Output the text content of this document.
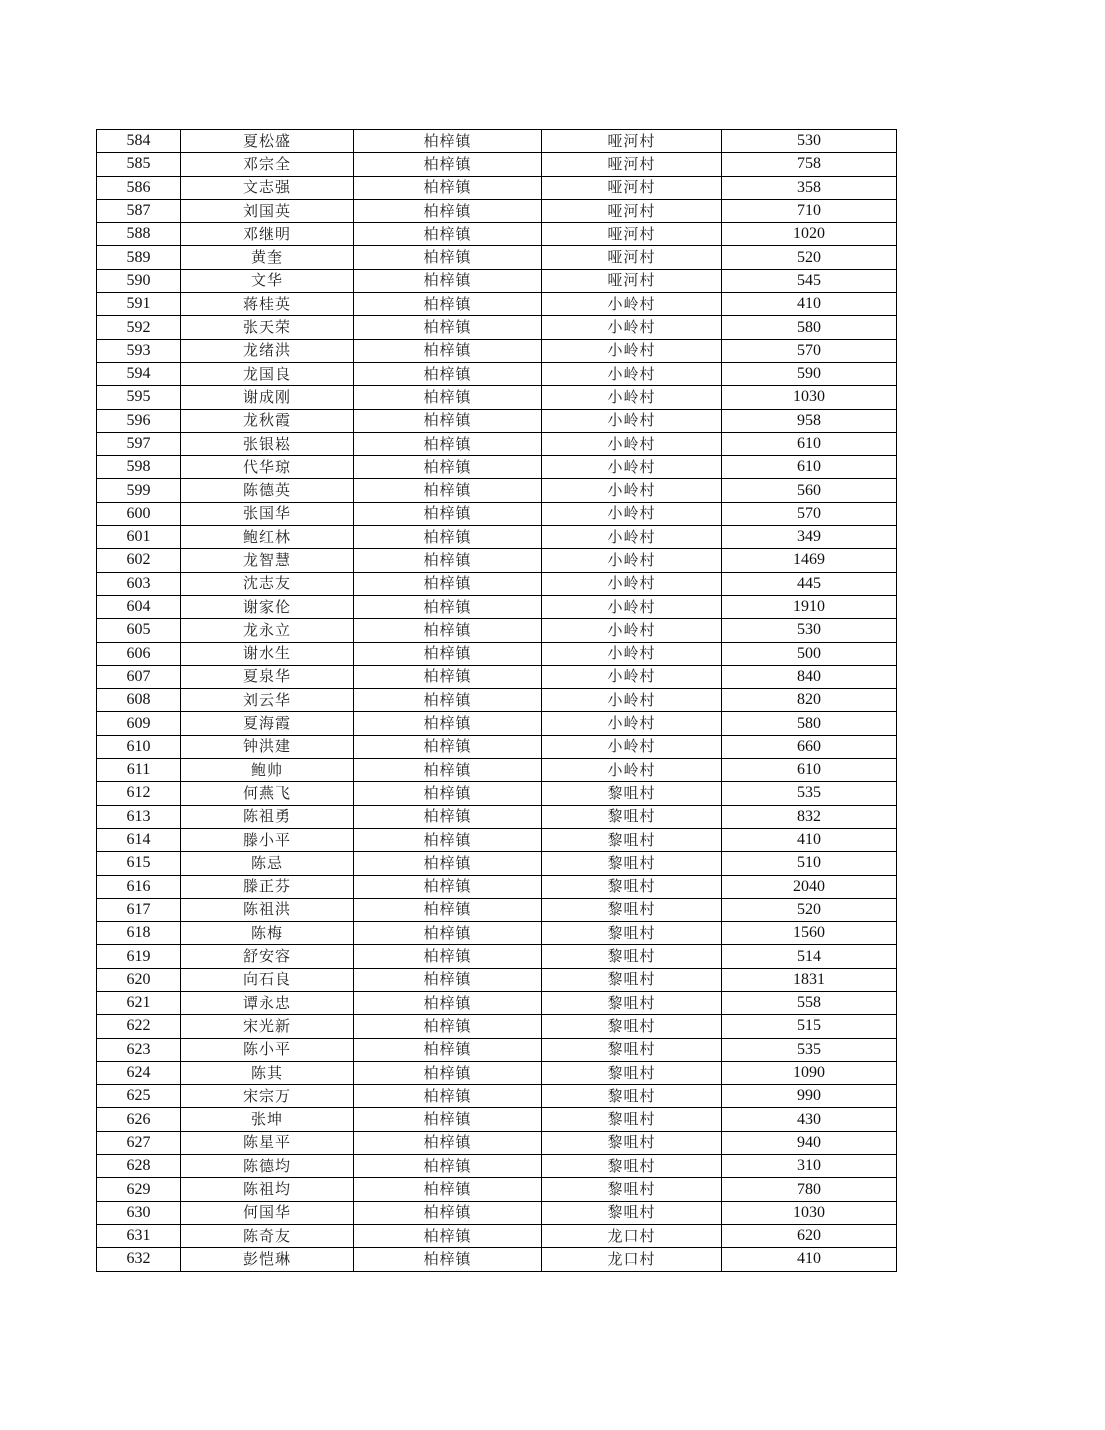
584	夏松盛	柏梓镇	哑河村	530
585	邓宗全	柏梓镇	哑河村	758
586	文志强	柏梓镇	哑河村	358
587	刘国英	柏梓镇	哑河村	710
588	邓继明	柏梓镇	哑河村	1020
589	黄奎	柏梓镇	哑河村	520
590	文华	柏梓镇	哑河村	545
591	蒋桂英	柏梓镇	小岭村	410
592	张天荣	柏梓镇	小岭村	580
593	龙绪洪	柏梓镇	小岭村	570
594	龙国良	柏梓镇	小岭村	590
595	谢成刚	柏梓镇	小岭村	1030
596	龙秋霞	柏梓镇	小岭村	958
597	张银崧	柏梓镇	小岭村	610
598	代华琼	柏梓镇	小岭村	610
599	陈德英	柏梓镇	小岭村	560
600	张国华	柏梓镇	小岭村	570
601	鲍红林	柏梓镇	小岭村	349
602	龙智慧	柏梓镇	小岭村	1469
603	沈志友	柏梓镇	小岭村	445
604	谢家伦	柏梓镇	小岭村	1910
605	龙永立	柏梓镇	小岭村	530
606	谢水生	柏梓镇	小岭村	500
607	夏泉华	柏梓镇	小岭村	840
608	刘云华	柏梓镇	小岭村	820
609	夏海霞	柏梓镇	小岭村	580
610	钟洪建	柏梓镇	小岭村	660
611	鲍帅	柏梓镇	小岭村	610
612	何燕飞	柏梓镇	黎咀村	535
613	陈祖勇	柏梓镇	黎咀村	832
614	滕小平	柏梓镇	黎咀村	410
615	陈忌	柏梓镇	黎咀村	510
616	滕正芬	柏梓镇	黎咀村	2040
617	陈祖洪	柏梓镇	黎咀村	520
618	陈梅	柏梓镇	黎咀村	1560
619	舒安容	柏梓镇	黎咀村	514
620	向石良	柏梓镇	黎咀村	1831
621	谭永忠	柏梓镇	黎咀村	558
622	宋光新	柏梓镇	黎咀村	515
623	陈小平	柏梓镇	黎咀村	535
624	陈其	柏梓镇	黎咀村	1090
625	宋宗万	柏梓镇	黎咀村	990
626	张坤	柏梓镇	黎咀村	430
627	陈星平	柏梓镇	黎咀村	940
628	陈德均	柏梓镇	黎咀村	310
629	陈祖均	柏梓镇	黎咀村	780
630	何国华	柏梓镇	黎咀村	1030
631	陈奇友	柏梓镇	龙口村	620
632	彭恺琳	柏梓镇	龙口村	410
